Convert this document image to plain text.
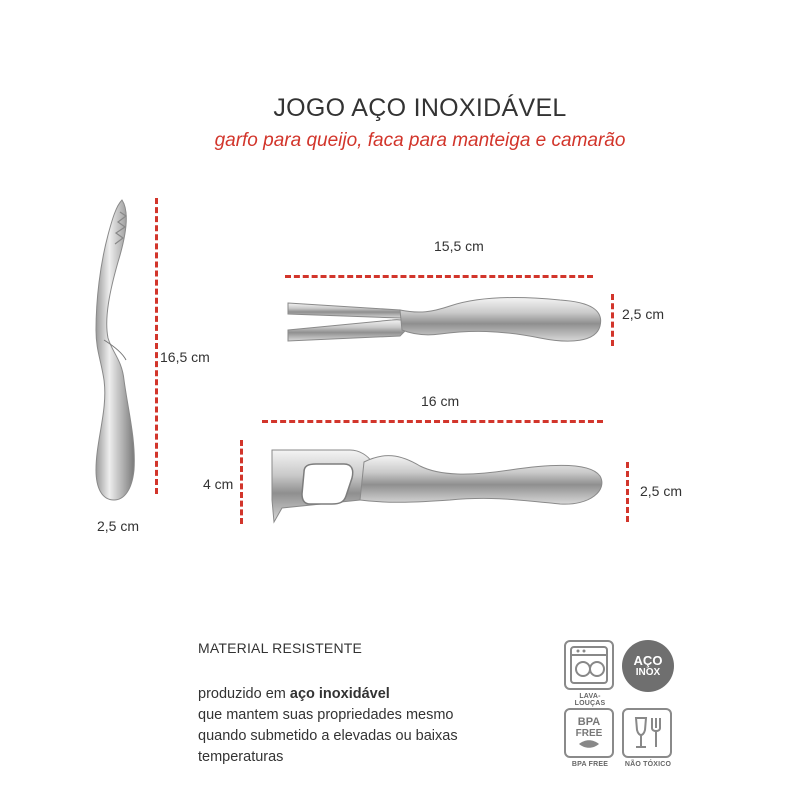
JOGO AÇO INOXIDÁVEL
garfo para queijo, faca para manteiga e camarão
16,5 cm
2,5 cm
15,5 cm
2,5 cm
16 cm
4 cm	2,5 cm
MATERIAL RESISTENTE
produzido em aço inoxidável
que mantem suas propriedades mesmo
quando submetido a elevadas ou baixas
temperaturas
LAVA-LOUÇAS
AÇO
INOX
BPA
FREE
BPA FREE	NÃO TÓXICO
